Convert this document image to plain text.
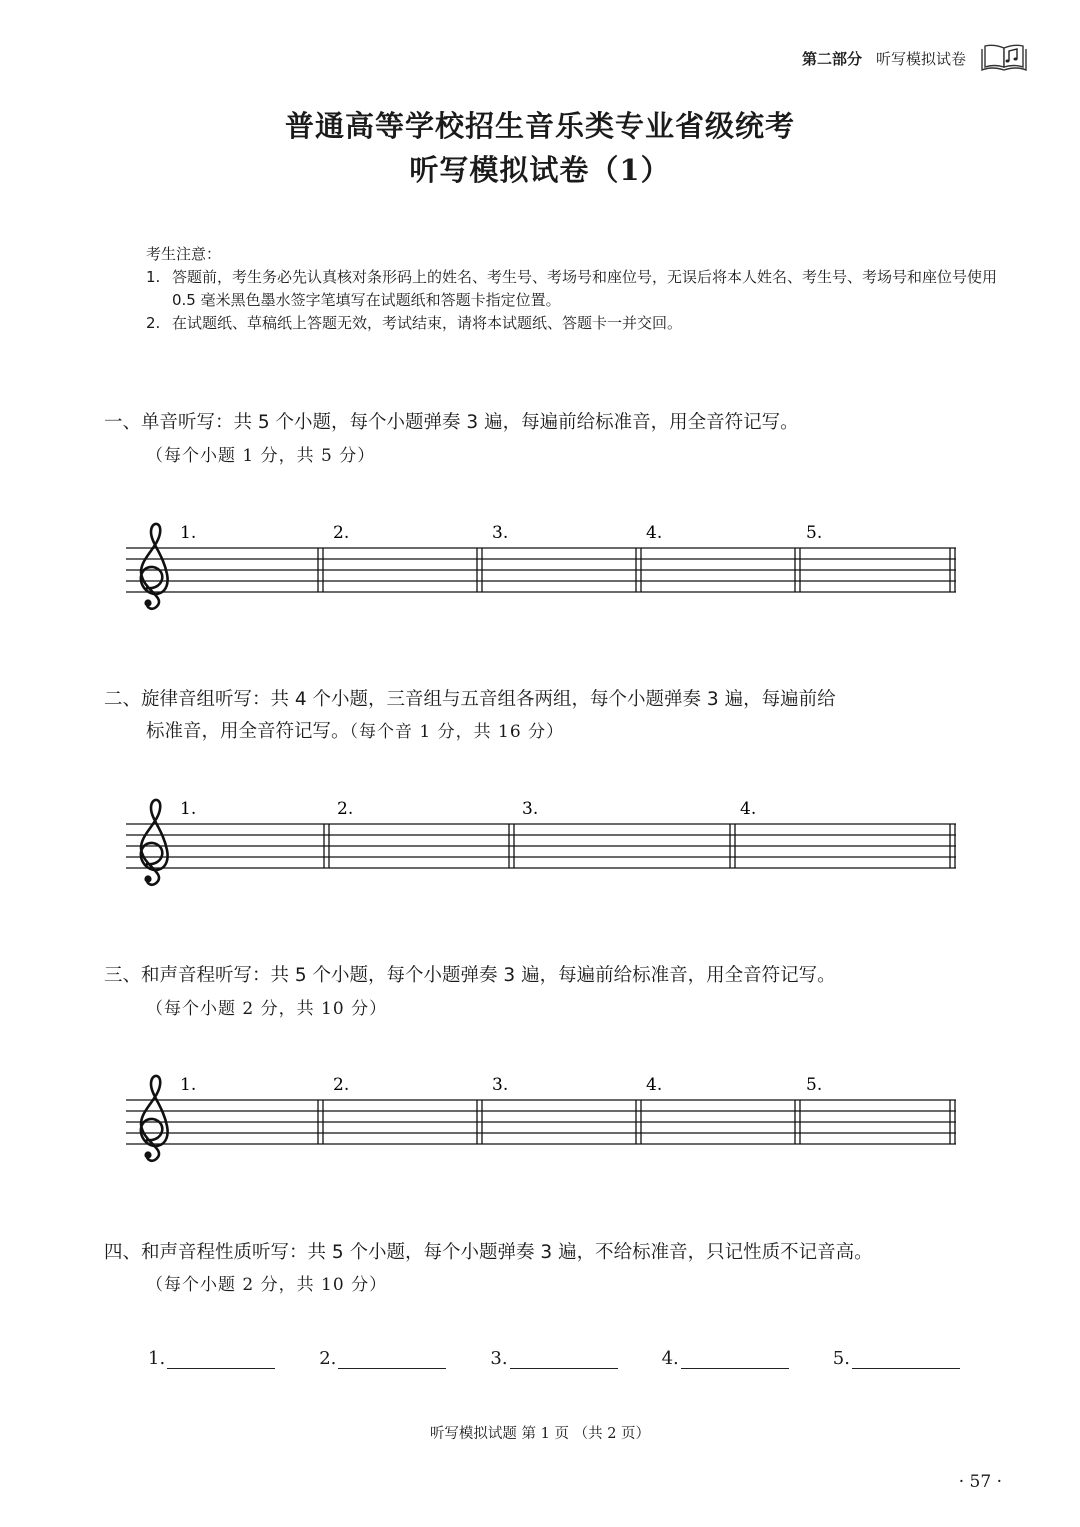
第二部分 听写模拟试卷
普通高等学校招生音乐类专业省级统考
听写模拟试卷（1）
考生注意：
1. 答题前，考生务必先认真核对条形码上的姓名、考生号、考场号和座位号，无误后将本人姓名、考生号、考场号和座位号使用 0.5 毫米黑色墨水签字笔填写在试题纸和答题卡指定位置。
2. 在试题纸、草稿纸上答题无效，考试结束，请将本试题纸、答题卡一并交回。
一、单音听写：共 5 个小题，每个小题弹奏 3 遍，每遍前给标准音，用全音符记写。
（每个小题 1 分，共 5 分）
二、旋律音组听写：共 4 个小题，三音组与五音组各两组，每个小题弹奏 3 遍，每遍前给
标准音，用全音符记写。（每个音 1 分，共 16 分）
三、和声音程听写：共 5 个小题，每个小题弹奏 3 遍，每遍前给标准音，用全音符记写。
（每个小题 2 分，共 10 分）
四、和声音程性质听写：共 5 个小题，每个小题弹奏 3 遍，不给标准音，只记性质不记音高。
（每个小题 2 分，共 10 分）
1.	2.	3.	4.	5.
1.	2.	3.	4.
1.	2.	3.	4.	5.
1.	2.	3.	4.	5.
听写模拟试题 第 1 页 （共 2 页）
· 57 ·
